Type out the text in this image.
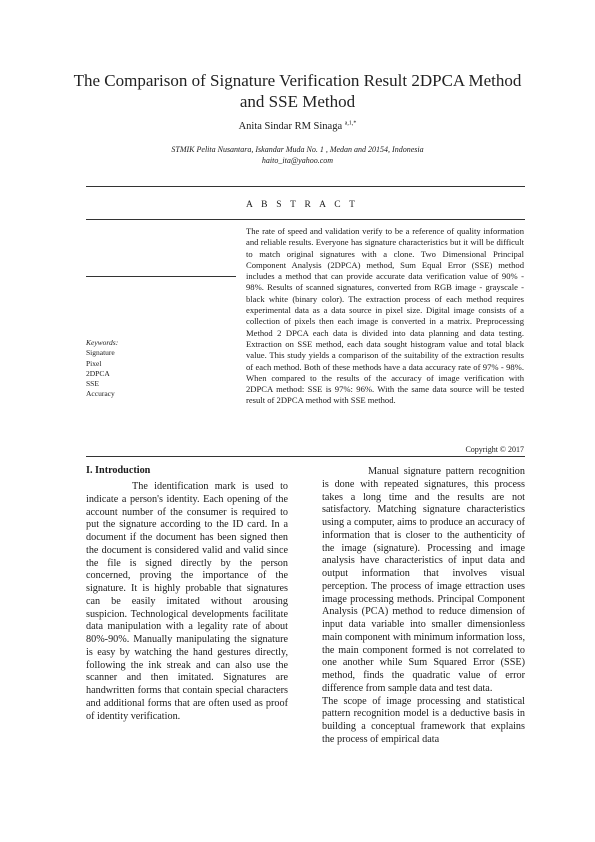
The Comparison of Signature Verification Result 2DPCA Method and SSE Method
Anita Sindar RM Sinaga $^{a,1,*}$
STMIK Pelita Nusantara, Iskandar Muda No. 1 , Medan and 20154, Indonesia
haito_ita@yahoo.com
A B S T R A C T
The rate of speed and validation verify to be a reference of quality information and reliable results. Everyone has signature characteristics but it will be difficult to match original signatures with a clone. Two Dimensional Principal Component Analysis (2DPCA) method, Sum Equal Error (SSE) method includes a method that can provide accurate data verification value of 90% - 98%. Results of scanned signatures, converted from RGB image - grayscale - black white (binary color). The extraction process of each method requires experimental data as a data source in pixel size. Digital image consists of a collection of pixels then each image is converted in a matrix. Preprocessing Method 2 DPCA each data is divided into data planning and data testing. Extraction on SSE method, each data sought histogram value and total black value. This study yields a comparison of the suitability of the extraction results of each method. Both of these methods have a data accuracy rate of 97% - 98%. When compared to the results of the accuracy of image verification with 2DPCA method: SSE is 97%: 96%. With the same data source will be tested result of 2DPCA method with SSE method.
Keywords:
Signature
Pixel
2DPCA
SSE
Accuracy
Copyright © 2017
I. Introduction

The identification mark is used to indicate a person's identity. Each opening of the account number of the consumer is required to put the signature according to the ID card. In a document if the document has been signed then the document is considered valid and valid since the file is signed directly by the person concerned, proving the importance of the signature. It is highly probable that signatures can be easily imitated without arousing suspicion. Technological developments facilitate data manipulation with a legality rate of about 80%-90%. Manually manipulating the signature is easy by watching the hand gestures directly, following the ink streak and can also use the scanner and then imitated. Signatures are handwritten forms that contain special characters and additional forms that are often used as proof of identity verification.

Manual signature pattern recognition is done with repeated signatures, this process takes a long time and the results are not satisfactory. Matching signature characteristics using a computer, aims to produce an accuracy of information that is closer to the authenticity of the image (signature). Processing and image analysis have characteristics of input data and output information that involves visual perception. The process of image ettraction uses image processing methods. Principal Component Analysis (PCA) method to reduce dimension of input data variable into smaller dimensionless main component with minimum information loss, the main component formed is not correlated to one another while Sum Squared Error (SSE) method, finds the quadratic value of error difference from sample data and test data.

The scope of image processing and statistical pattern recognition model is a deductive basis in building a conceptual framework that explains the process of empirical data
